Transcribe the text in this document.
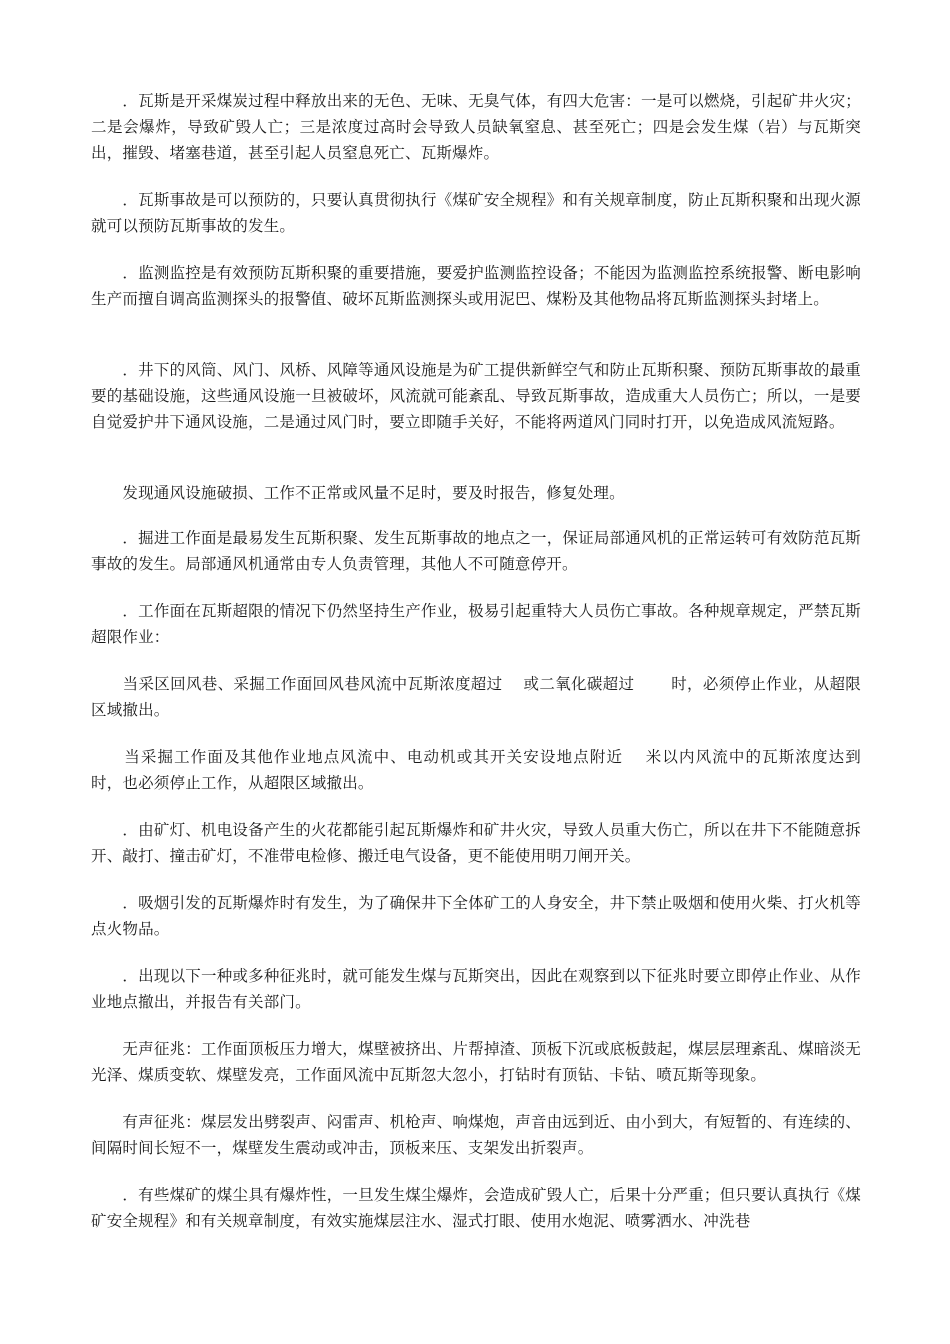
　　．瓦斯是开采煤炭过程中释放出来的无色、无味、无臭气体，有四大危害：一是可以燃烧，引起矿井火灾；二是会爆炸，导致矿毁人亡；三是浓度过高时会导致人员缺氧窒息、甚至死亡；四是会发生煤（岩）与瓦斯突出，摧毁、堵塞巷道，甚至引起人员窒息死亡、瓦斯爆炸。

　　．瓦斯事故是可以预防的，只要认真贯彻执行《煤矿安全规程》和有关规章制度，防止瓦斯积聚和出现火源就可以预防瓦斯事故的发生。

　　．监测监控是有效预防瓦斯积聚的重要措施，要爱护监测监控设备；不能因为监测监控系统报警、断电影响生产而擅自调高监测探头的报警值、破坏瓦斯监测探头或用泥巴、煤粉及其他物品将瓦斯监测探头封堵上。

　　．井下的风筒、风门、风桥、风障等通风设施是为矿工提供新鲜空气和防止瓦斯积聚、预防瓦斯事故的最重要的基础设施，这些通风设施一旦被破坏，风流就可能紊乱、导致瓦斯事故，造成重大人员伤亡；所以，一是要自觉爱护井下通风设施，二是通过风门时，要立即随手关好，不能将两道风门同时打开，以免造成风流短路。

　　发现通风设施破损、工作不正常或风量不足时，要及时报告，修复处理。

　　．掘进工作面是最易发生瓦斯积聚、发生瓦斯事故的地点之一，保证局部通风机的正常运转可有效防范瓦斯事故的发生。局部通风机通常由专人负责管理，其他人不可随意停开。

　　．工作面在瓦斯超限的情况下仍然坚持生产作业，极易引起重特大人员伤亡事故。各种规章规定，严禁瓦斯超限作业：

　　当采区回风巷、采掘工作面回风巷风流中瓦斯浓度超过　 或二氧化碳超过　　 时，必须停止作业，从超限区域撤出。

　　当采掘工作面及其他作业地点风流中、电动机或其开关安设地点附近　 米以内风流中的瓦斯浓度达到　　 时，也必须停止工作，从超限区域撤出。

　　．由矿灯、机电设备产生的火花都能引起瓦斯爆炸和矿井火灾，导致人员重大伤亡，所以在井下不能随意拆开、敲打、撞击矿灯，不准带电检修、搬迁电气设备，更不能使用明刀闸开关。

　　．吸烟引发的瓦斯爆炸时有发生，为了确保井下全体矿工的人身安全，井下禁止吸烟和使用火柴、打火机等点火物品。

　　．出现以下一种或多种征兆时，就可能发生煤与瓦斯突出，因此在观察到以下征兆时要立即停止作业、从作业地点撤出，并报告有关部门。

　　无声征兆：工作面顶板压力增大，煤壁被挤出、片帮掉渣、顶板下沉或底板鼓起，煤层层理紊乱、煤暗淡无光泽、煤质变软、煤壁发亮，工作面风流中瓦斯忽大忽小，打钻时有顶钻、卡钻、喷瓦斯等现象。

　　有声征兆：煤层发出劈裂声、闷雷声、机枪声、响煤炮，声音由远到近、由小到大，有短暂的、有连续的、间隔时间长短不一，煤壁发生震动或冲击，顶板来压、支架发出折裂声。

　　．有些煤矿的煤尘具有爆炸性，一旦发生煤尘爆炸，会造成矿毁人亡，后果十分严重；但只要认真执行《煤矿安全规程》和有关规章制度，有效实施煤层注水、湿式打眼、使用水炮泥、喷雾洒水、冲洗巷
